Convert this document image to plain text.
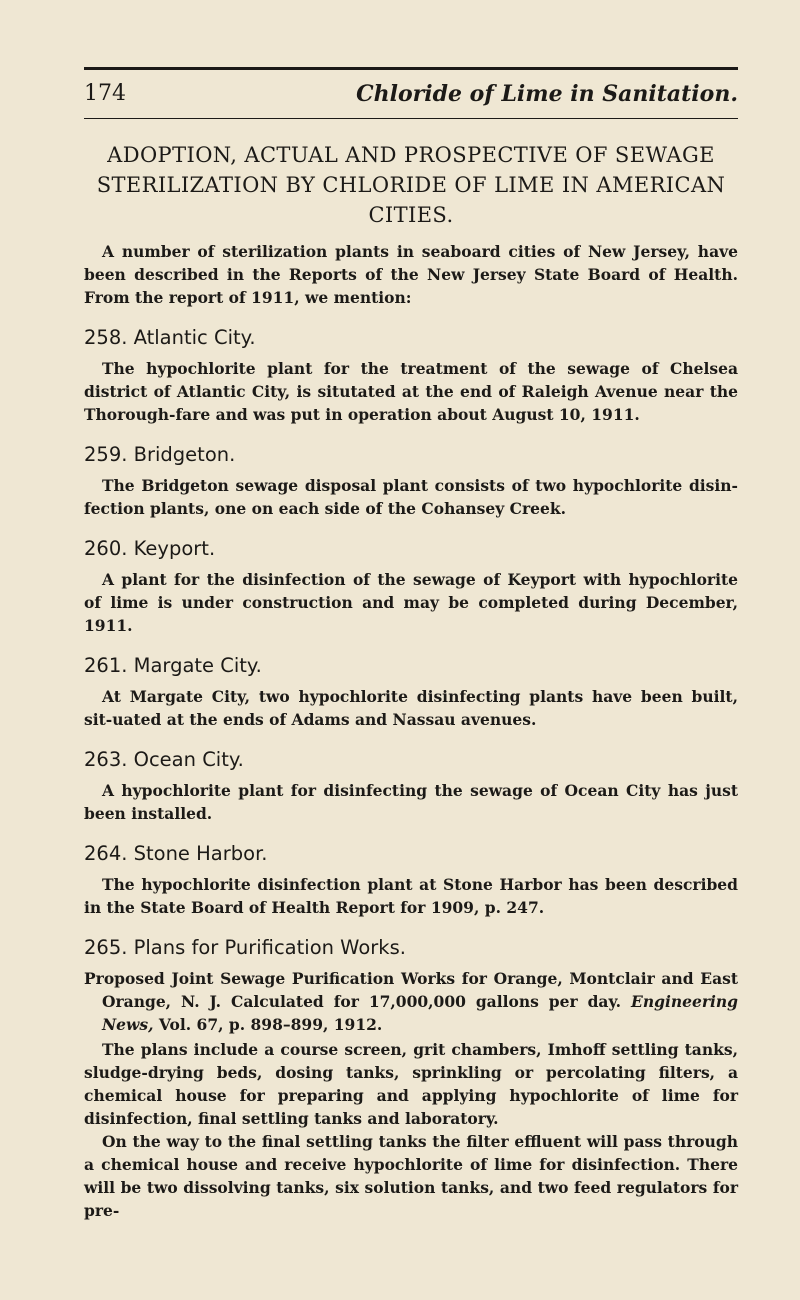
174	Chloride of Lime in Sanitation.
ADOPTION, ACTUAL AND PROSPECTIVE OF SEWAGE STERILIZATION BY CHLORIDE OF LIME IN AMERICAN CITIES.

A number of sterilization plants in seaboard cities of New Jersey, have been described in the Reports of the New Jersey State Board of Health. From the report of 1911, we mention:

258. Atlantic City.

The hypochlorite plant for the treatment of the sewage of Chelsea district of Atlantic City, is situtated at the end of Raleigh Avenue near the Thorough-fare and was put in operation about August 10, 1911.

259. Bridgeton.

The Bridgeton sewage disposal plant consists of two hypochlorite disin-fection plants, one on each side of the Cohansey Creek.

260. Keyport.

A plant for the disinfection of the sewage of Keyport with hypochlorite of lime is under construction and may be completed during December, 1911.

261. Margate City.

At Margate City, two hypochlorite disinfecting plants have been built, sit-uated at the ends of Adams and Nassau avenues.

263. Ocean City.

A hypochlorite plant for disinfecting the sewage of Ocean City has just been installed.

264. Stone Harbor.

The hypochlorite disinfection plant at Stone Harbor has been described in the State Board of Health Report for 1909, p. 247.

265. Plans for Purification Works.

Proposed Joint Sewage Purification Works for Orange, Montclair and East Orange, N. J. Calculated for 17,000,000 gallons per day. Engineering News, Vol. 67, p. 898–899, 1912.

The plans include a course screen, grit chambers, Imhoff settling tanks, sludge-drying beds, dosing tanks, sprinkling or percolating filters, a chemical house for preparing and applying hypochlorite of lime for disinfection, final settling tanks and laboratory.

On the way to the final settling tanks the filter effluent will pass through a chemical house and receive hypochlorite of lime for disinfection. There will be two dissolving tanks, six solution tanks, and two feed regulators for pre-
